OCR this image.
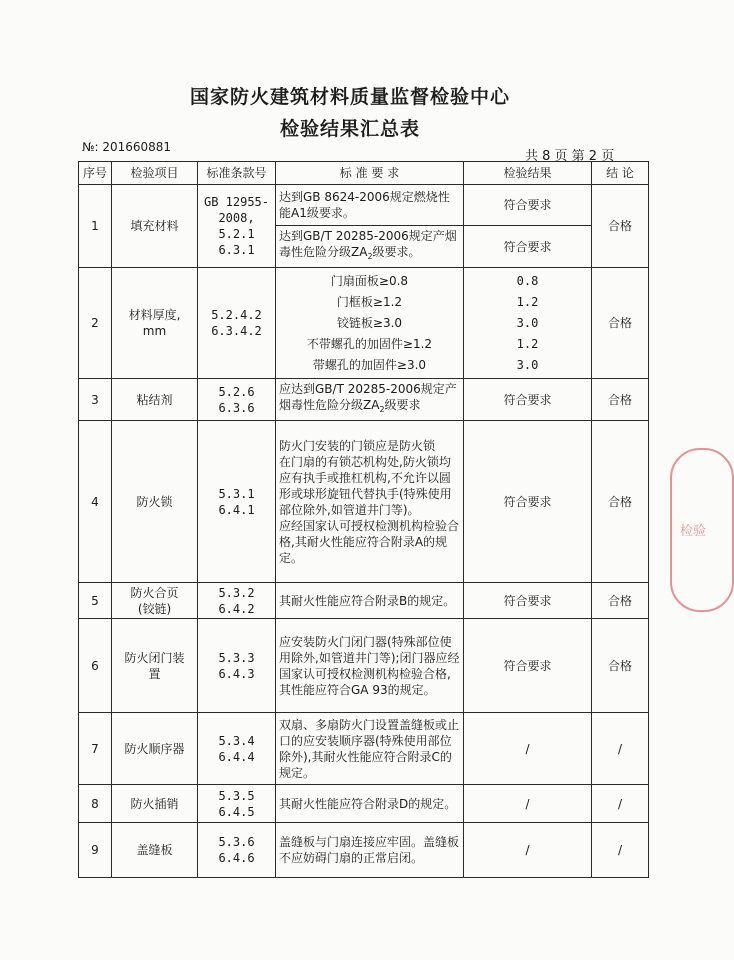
国家防火建筑材料质量监督检验中心
检验结果汇总表
№: 201660881
共 8 页 第 2 页
序号	检验项目	标准条款号	标 准 要 求	检验结果	结 论
1	填充材料	GB 12955-
2008, 5.2.1
6.3.1	达到GB 8624-2006规定燃烧性能A1级要求。	符合要求	合格
			达到GB/T 20285-2006规定产烟毒性危险分级$ZA_2$级要求。	符合要求	
2	材料厚度,
mm	5.2.4.2
6.3.4.2	门扇面板≥0.8
门框板≥1.2
铰链板≥3.0
不带螺孔的加固件≥1.2
带螺孔的加固件≥3.0	0.8
1.2
3.0
1.2
3.0	合格
3	粘结剂	5.2.6
6.3.6	应达到GB/T 20285-2006规定产烟毒性危险分级$ZA_2$级要求	符合要求	合格
4	防火锁	5.3.1
6.4.1	防火门安装的门锁应是防火锁
在门扇的有锁芯机构处,防火锁均应有执手或推杠机构,不允许以圆形或球形旋钮代替执手(特殊使用部位除外,如管道井门等)。
应经国家认可授权检测机构检验合格,其耐火性能应符合附录A的规定。	符合要求	合格
5	防火合页
(铰链)	5.3.2
6.4.2	其耐火性能应符合附录B的规定。	符合要求	合格
6	防火闭门装
置	5.3.3
6.4.3	应安装防火门闭门器(特殊部位使用除外,如管道井门等);闭门器应经国家认可授权检测机构检验合格,其性能应符合GA 93的规定。	符合要求	合格
7	防火顺序器	5.3.4
6.4.4	双扇、多扇防火门设置盖缝板或止口的应安装顺序器(特殊使用部位除外),其耐火性能应符合附录C的规定。	/	/
8	防火插销	5.3.5
6.4.5	其耐火性能应符合附录D的规定。	/	/
9	盖缝板	5.3.6
6.4.6	盖缝板与门扇连接应牢固。盖缝板不应妨碍门扇的正常启闭。	/	/
检验
